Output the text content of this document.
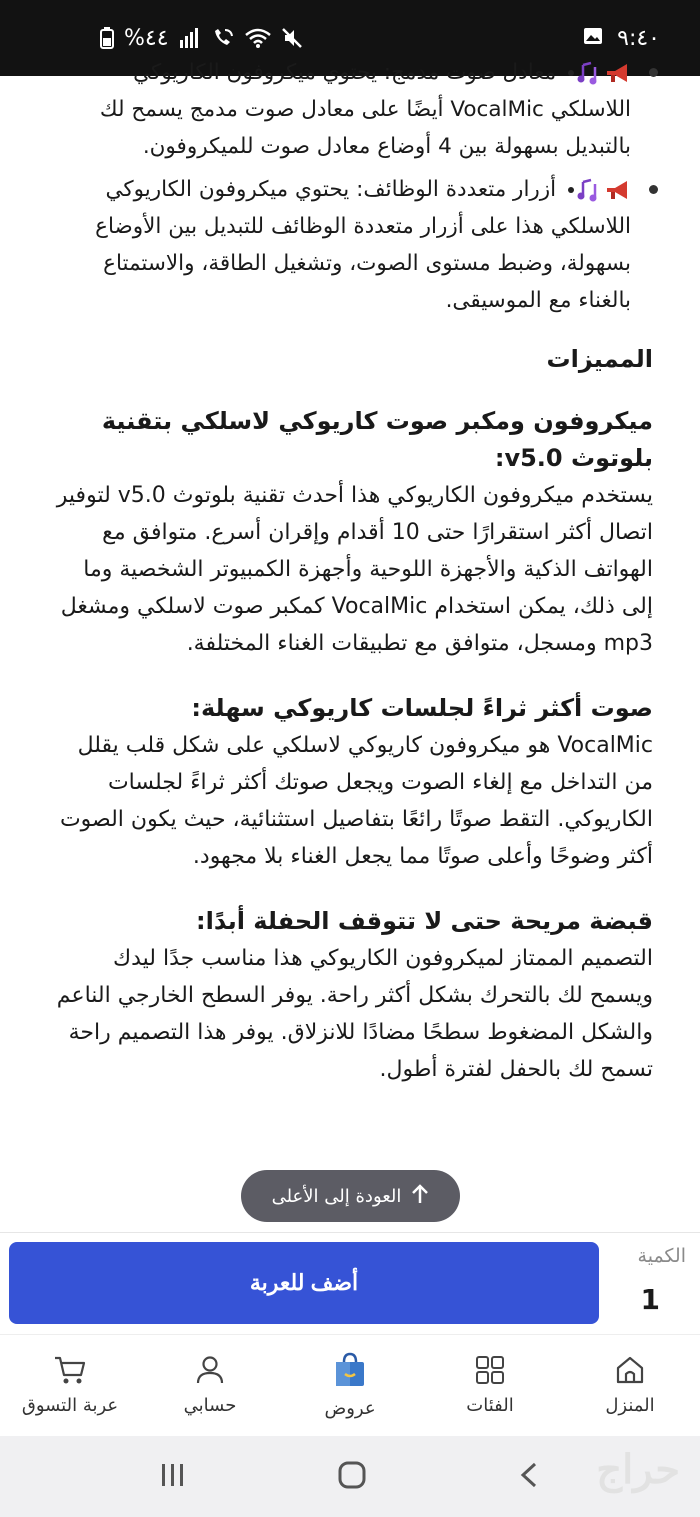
%٤٤	٩:٤٠
معادل صوت مدمج: يحتوي ميكروفون الكاريوكي اللاسلكي VocalMic أيضًا على معادل صوت مدمج يسمح لك بالتبديل بسهولة بين 4 أوضاع معادل صوت للميكروفون.
أزرار متعددة الوظائف: يحتوي ميكروفون الكاريوكي اللاسلكي هذا على أزرار متعددة الوظائف للتبديل بين الأوضاع بسهولة، وضبط مستوى الصوت، وتشغيل الطاقة، والاستمتاع بالغناء مع الموسيقى.
المميزات
ميكروفون ومكبر صوت كاريوكي لاسلكي بتقنية بلوتوث v5.0:

يستخدم ميكروفون الكاريوكي هذا أحدث تقنية بلوتوث v5.0 لتوفير اتصال أكثر استقرارًا حتى 10 أقدام وإقران أسرع. متوافق مع الهواتف الذكية والأجهزة اللوحية وأجهزة الكمبيوتر الشخصية وما إلى ذلك، يمكن استخدام VocalMic كمكبر صوت لاسلكي ومشغل mp3 ومسجل، متوافق مع تطبيقات الغناء المختلفة.

صوت أكثر ثراءً لجلسات كاريوكي سهلة:

VocalMic هو ميكروفون كاريوكي لاسلكي على شكل قلب يقلل من التداخل مع إلغاء الصوت ويجعل صوتك أكثر ثراءً لجلسات الكاريوكي. التقط صوتًا رائعًا بتفاصيل استثنائية، حيث يكون الصوت أكثر وضوحًا وأعلى صوتًا مما يجعل الغناء بلا مجهود.

قبضة مريحة حتى لا تتوقف الحفلة أبدًا:

التصميم الممتاز لميكروفون الكاريوكي هذا مناسب جدًا ليدك ويسمح لك بالتحرك بشكل أكثر راحة. يوفر السطح الخارجي الناعم والشكل المضغوط سطحًا مضادًا للانزلاق. يوفر هذا التصميم راحة تسمح لك بالحفل لفترة أطول.

العودة إلى الأعلى
أضف للعربة
الكمية
1
المنزل
الفئات
عروض
حسابي
عربة التسوق
حراج
